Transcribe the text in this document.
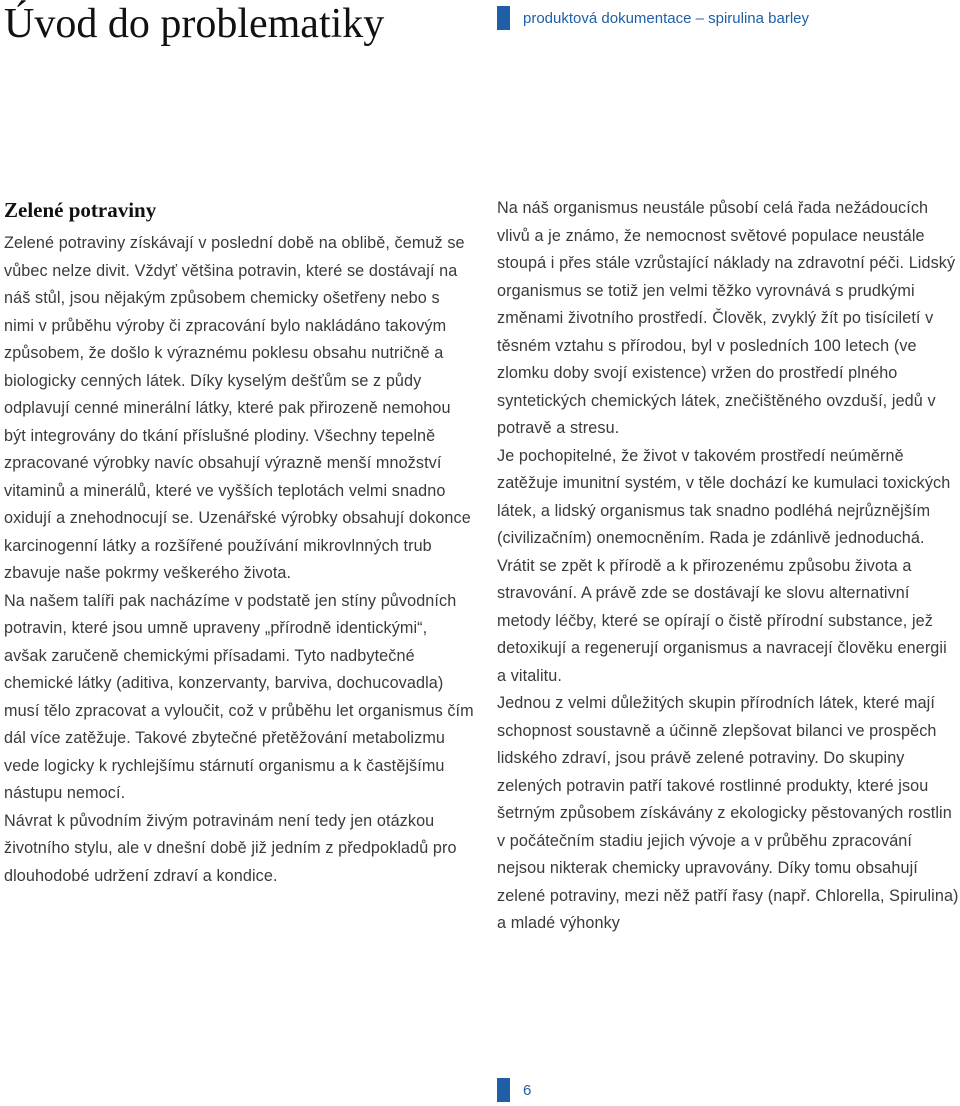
Úvod do problematiky	produktová dokumentace – spirulina barley
Zelené potraviny

Zelené potraviny získávají v poslední době na oblibě, čemuž se vůbec nelze divit. Vždyť většina potravin, které se dostávají na náš stůl, jsou nějakým způsobem chemicky ošetřeny nebo s nimi v průběhu výroby či zpracování bylo nakládáno takovým způsobem, že došlo k výraznému poklesu obsahu nutričně a biologicky cenných látek. Díky kyselým dešťům se z půdy odplavují cenné minerální látky, které pak přirozeně nemohou být integrovány do tkání příslušné plodiny. Všechny tepelně zpracované výrobky navíc obsahují výrazně menší množství vitaminů a minerálů, které ve vyšších teplotách velmi snadno oxidují a znehodnocují se. Uzenářské výrobky obsahují dokonce karcinogenní látky a rozšířené používání mikrovlnných trub zbavuje naše pokrmy veškerého života.

Na našem talíři pak nacházíme v podstatě jen stíny původních potravin, které jsou umně upraveny „přírodně identickými“, avšak zaručeně chemickými přísadami. Tyto nadbytečné chemické látky (aditiva, konzervanty, barviva, dochucovadla) musí tělo zpracovat a vyloučit, což v průběhu let organismus čím dál více zatěžuje. Takové zbytečné přetěžování metabolizmu vede logicky k rychlejšímu stárnutí organismu a k častějšímu nástupu nemocí.

Návrat k původním živým potravinám není tedy jen otázkou životního stylu, ale v dnešní době již jedním z předpokladů pro dlouhodobé udržení zdraví a kondice.

Na náš organismus neustále působí celá řada nežádoucích vlivů a je známo, že nemocnost světové populace neustále stoupá i přes stále vzrůstající náklady na zdravotní péči. Lidský organismus se totiž jen velmi těžko vyrovnává s prudkými změnami životního prostředí. Člověk, zvyklý žít po tisíciletí v těsném vztahu s přírodou, byl v posledních 100 letech (ve zlomku doby svojí existence) vržen do prostředí plného syntetických chemických látek, znečištěného ovzduší, jedů v potravě a stresu.

Je pochopitelné, že život v takovém prostředí neúměrně zatěžuje imunitní systém, v těle dochází ke kumulaci toxických látek, a lidský organismus tak snadno podléhá nejrůznějším (civilizačním) onemocněním. Rada je zdánlivě jednoduchá. Vrátit se zpět k přírodě a k přirozenému způsobu života a stravování. A právě zde se dostávají ke slovu alternativní metody léčby, které se opírají o čistě přírodní substance, jež detoxikují a regenerují organismus a navracejí člověku energii a vitalitu.

Jednou z velmi důležitých skupin přírodních látek, které mají schopnost soustavně a účinně zlepšovat bilanci ve prospěch lidského zdraví, jsou právě zelené potraviny. Do skupiny zelených potravin patří takové rostlinné produkty, které jsou šetrným způsobem získávány z ekologicky pěstovaných rostlin v počátečním stadiu jejich vývoje a v průběhu zpracování nejsou nikterak chemicky upravovány. Díky tomu obsahují zelené potraviny, mezi něž patří řasy (např. Chlorella, Spirulina) a mladé výhonky

6
